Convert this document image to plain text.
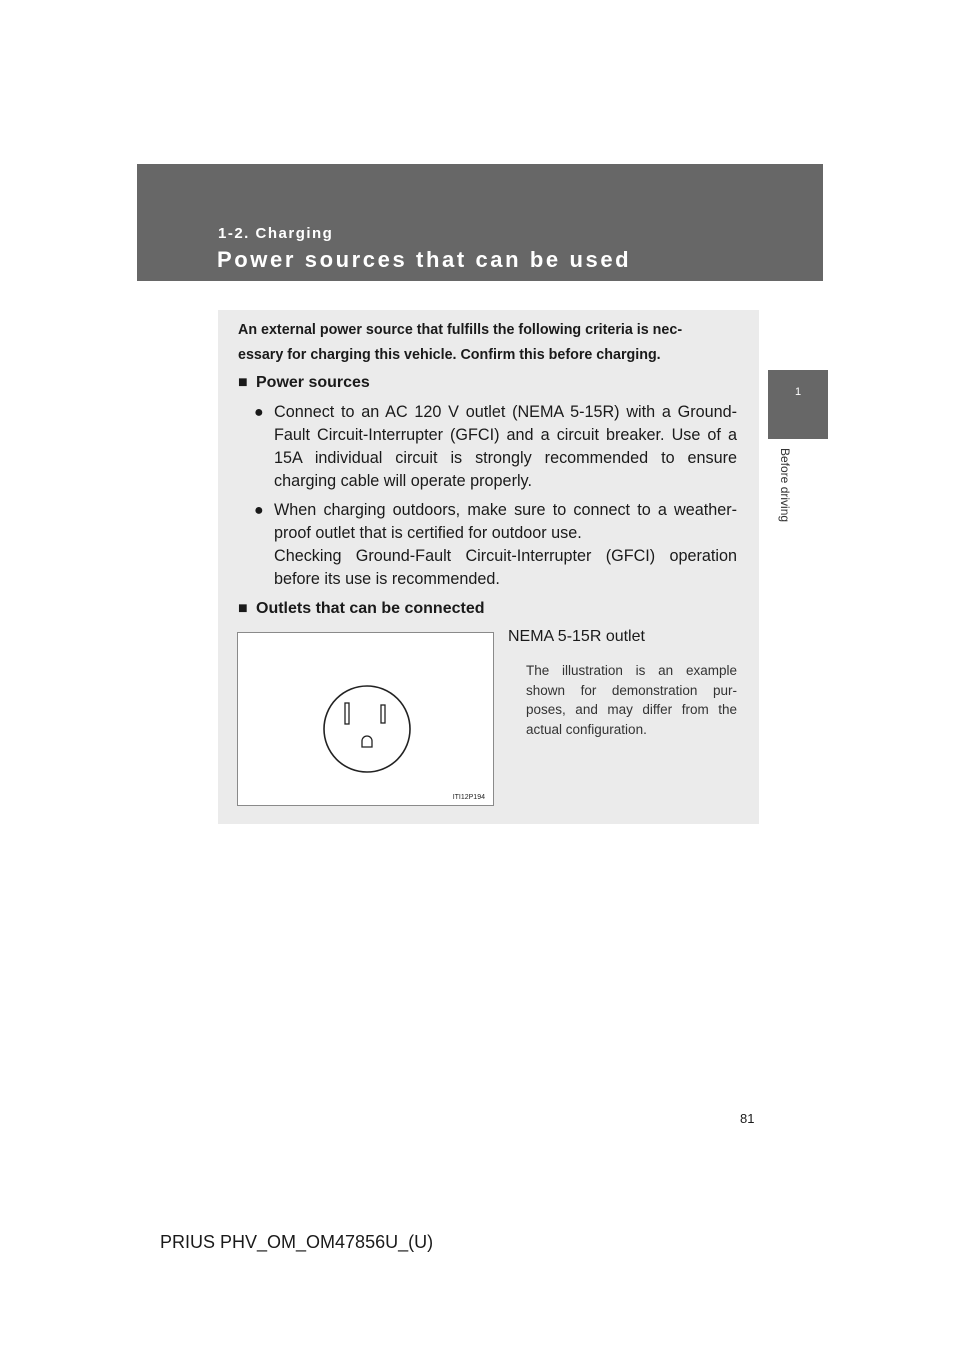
1-2. Charging
Power sources that can be used
1
Before driving
An external power source that fulfills the following criteria is nec-
essary for charging this vehicle. Confirm this before charging.
■ Power sources
● Connect to an AC 120 V outlet (NEMA 5-15R) with a Ground-
Fault Circuit-Interrupter (GFCI) and a circuit breaker. Use of a
15A individual circuit is strongly recommended to ensure
charging cable will operate properly.
● When charging outdoors, make sure to connect to a weather-
proof outlet that is certified for outdoor use.
Checking Ground-Fault Circuit-Interrupter (GFCI) operation
before its use is recommended.
■ Outlets that can be connected
ITI12P194
NEMA 5-15R outlet
The illustration is an example
shown for demonstration pur-
poses, and may differ from the
actual configuration.
81
PRIUS PHV_OM_OM47856U_(U)
